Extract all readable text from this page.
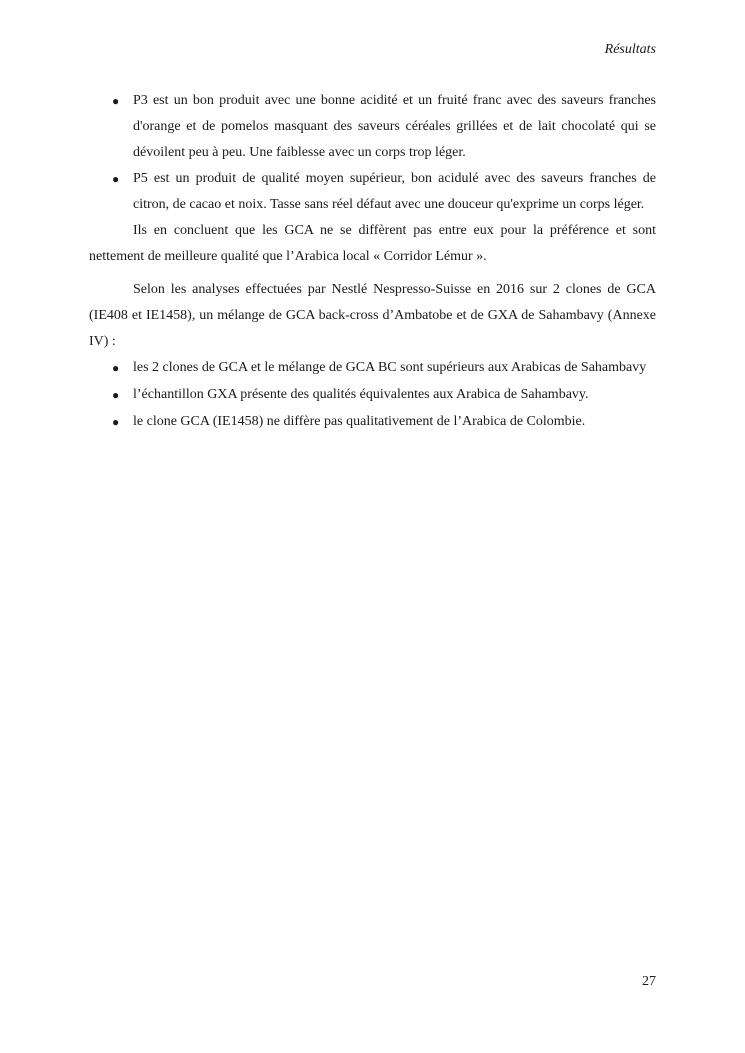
Résultats
● P3 est un bon produit avec une bonne acidité et un fruité franc avec des saveurs franches d'orange et de pomelos masquant des saveurs céréales grillées et de lait chocolaté qui se dévoilent peu à peu. Une faiblesse avec un corps trop léger.
● P5 est un produit de qualité moyen supérieur, bon acidulé avec des saveurs franches de citron, de cacao et noix. Tasse sans réel défaut avec une douceur qu'exprime un corps léger.

Ils en concluent que les GCA ne se diffèrent pas entre eux pour la préférence et sont nettement de meilleure qualité que l’Arabica local « Corridor Lémur ».

Selon les analyses effectuées par Nestlé Nespresso-Suisse en 2016 sur 2 clones de GCA (IE408 et IE1458), un mélange de GCA back-cross d’Ambatobe et de GXA de Sahambavy (Annexe IV) :

● les 2 clones de GCA et le mélange de GCA BC sont supérieurs aux Arabicas de Sahambavy
● l’échantillon GXA présente des qualités équivalentes aux Arabica de Sahambavy.
● le clone GCA (IE1458) ne diffère pas qualitativement de l’Arabica de Colombie.
27
